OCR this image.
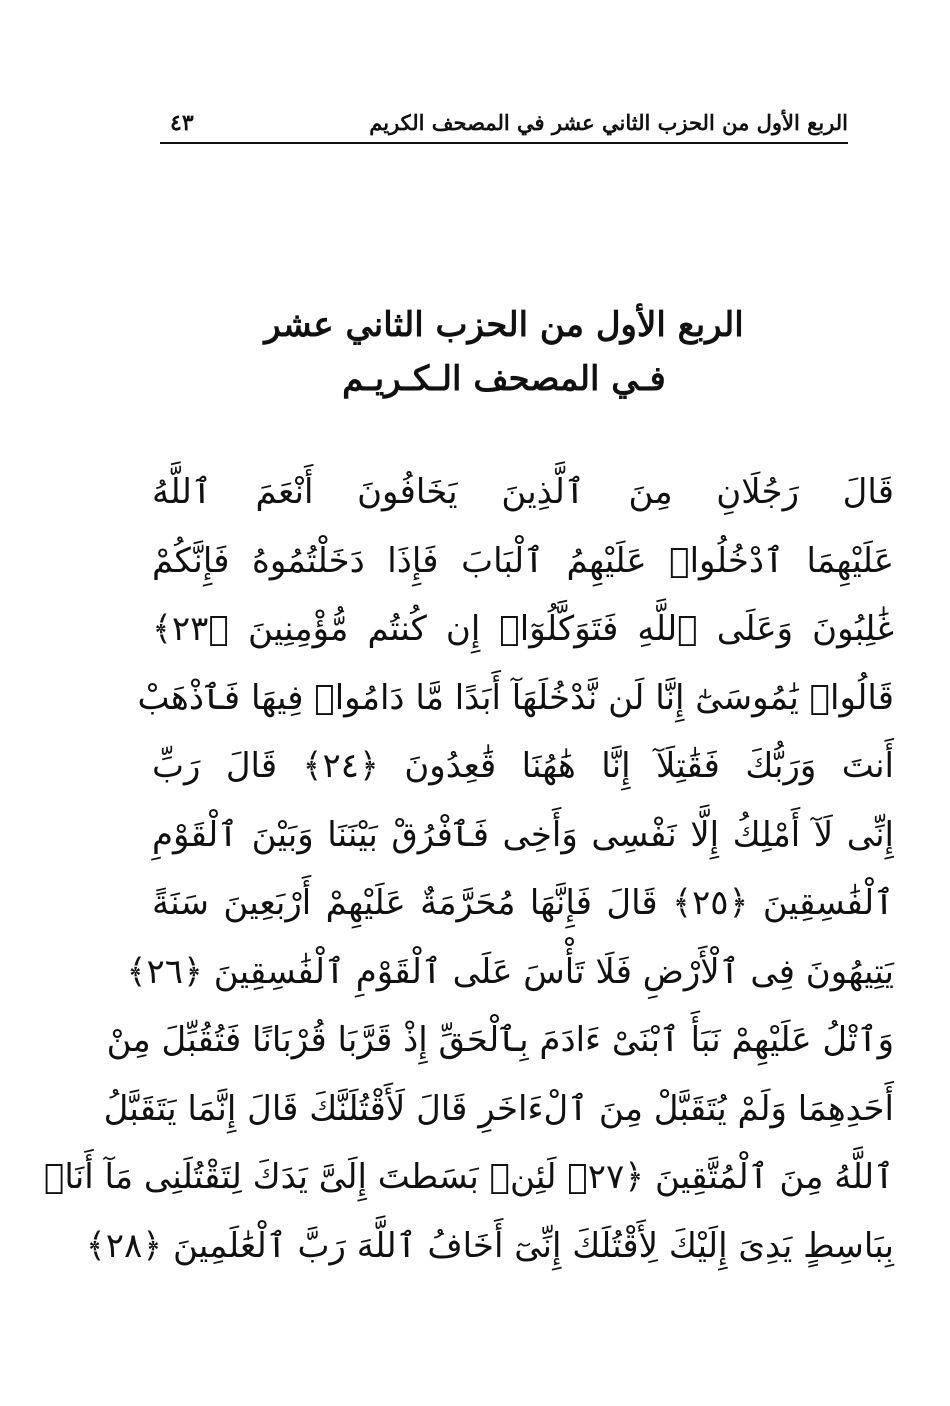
الربع الأول من الحزب الثاني عشر في المصحف الكريم
٤٣
الربع الأول من الحزب الثاني عشر
فـي المصحف الـكـريـم
قَالَ رَجُلَانِ مِنَ ٱلَّذِينَ يَخَافُونَ أَنْعَمَ ٱللَّهُ
عَلَيْهِمَا ٱدْخُلُوا۟ عَلَيْهِمُ ٱلْبَابَ فَإِذَا دَخَلْتُمُوهُ فَإِنَّكُمْ
غَٰلِبُونَ وَعَلَى ٱللَّهِ فَتَوَكَّلُوٓا۟ إِن كُنتُم مُّؤْمِنِينَ ﴿٢٣﴾
قَالُوا۟ يَٰمُوسَىٰٓ إِنَّا لَن نَّدْخُلَهَآ أَبَدًا مَّا دَامُوا۟ فِيهَا فَٱذْهَبْ
أَنتَ وَرَبُّكَ فَقَٰتِلَآ إِنَّا هَٰهُنَا قَٰعِدُونَ ﴿٢٤﴾ قَالَ رَبِّ
إِنِّى لَآ أَمْلِكُ إِلَّا نَفْسِى وَأَخِى فَٱفْرُقْ بَيْنَنَا وَبَيْنَ ٱلْقَوْمِ
ٱلْفَٰسِقِينَ ﴿٢٥﴾ قَالَ فَإِنَّهَا مُحَرَّمَةٌ عَلَيْهِمْ أَرْبَعِينَ سَنَةً
يَتِيهُونَ فِى ٱلْأَرْضِ فَلَا تَأْسَ عَلَى ٱلْقَوْمِ ٱلْفَٰسِقِينَ ﴿٢٦﴾
وَٱتْلُ عَلَيْهِمْ نَبَأَ ٱبْنَىْ ءَادَمَ بِٱلْحَقِّ إِذْ قَرَّبَا قُرْبَانًا فَتُقُبِّلَ مِنْ
أَحَدِهِمَا وَلَمْ يُتَقَبَّلْ مِنَ ٱلْءَاخَرِ قَالَ لَأَقْتُلَنَّكَ قَالَ إِنَّمَا يَتَقَبَّلُ
ٱللَّهُ مِنَ ٱلْمُتَّقِينَ ﴿٢٧﴾ لَئِنۢ بَسَطتَ إِلَىَّ يَدَكَ لِتَقْتُلَنِى مَآ أَنَا۠
بِبَاسِطٍ يَدِىَ إِلَيْكَ لِأَقْتُلَكَ إِنِّىٓ أَخَافُ ٱللَّهَ رَبَّ ٱلْعَٰلَمِينَ ﴿٢٨﴾
